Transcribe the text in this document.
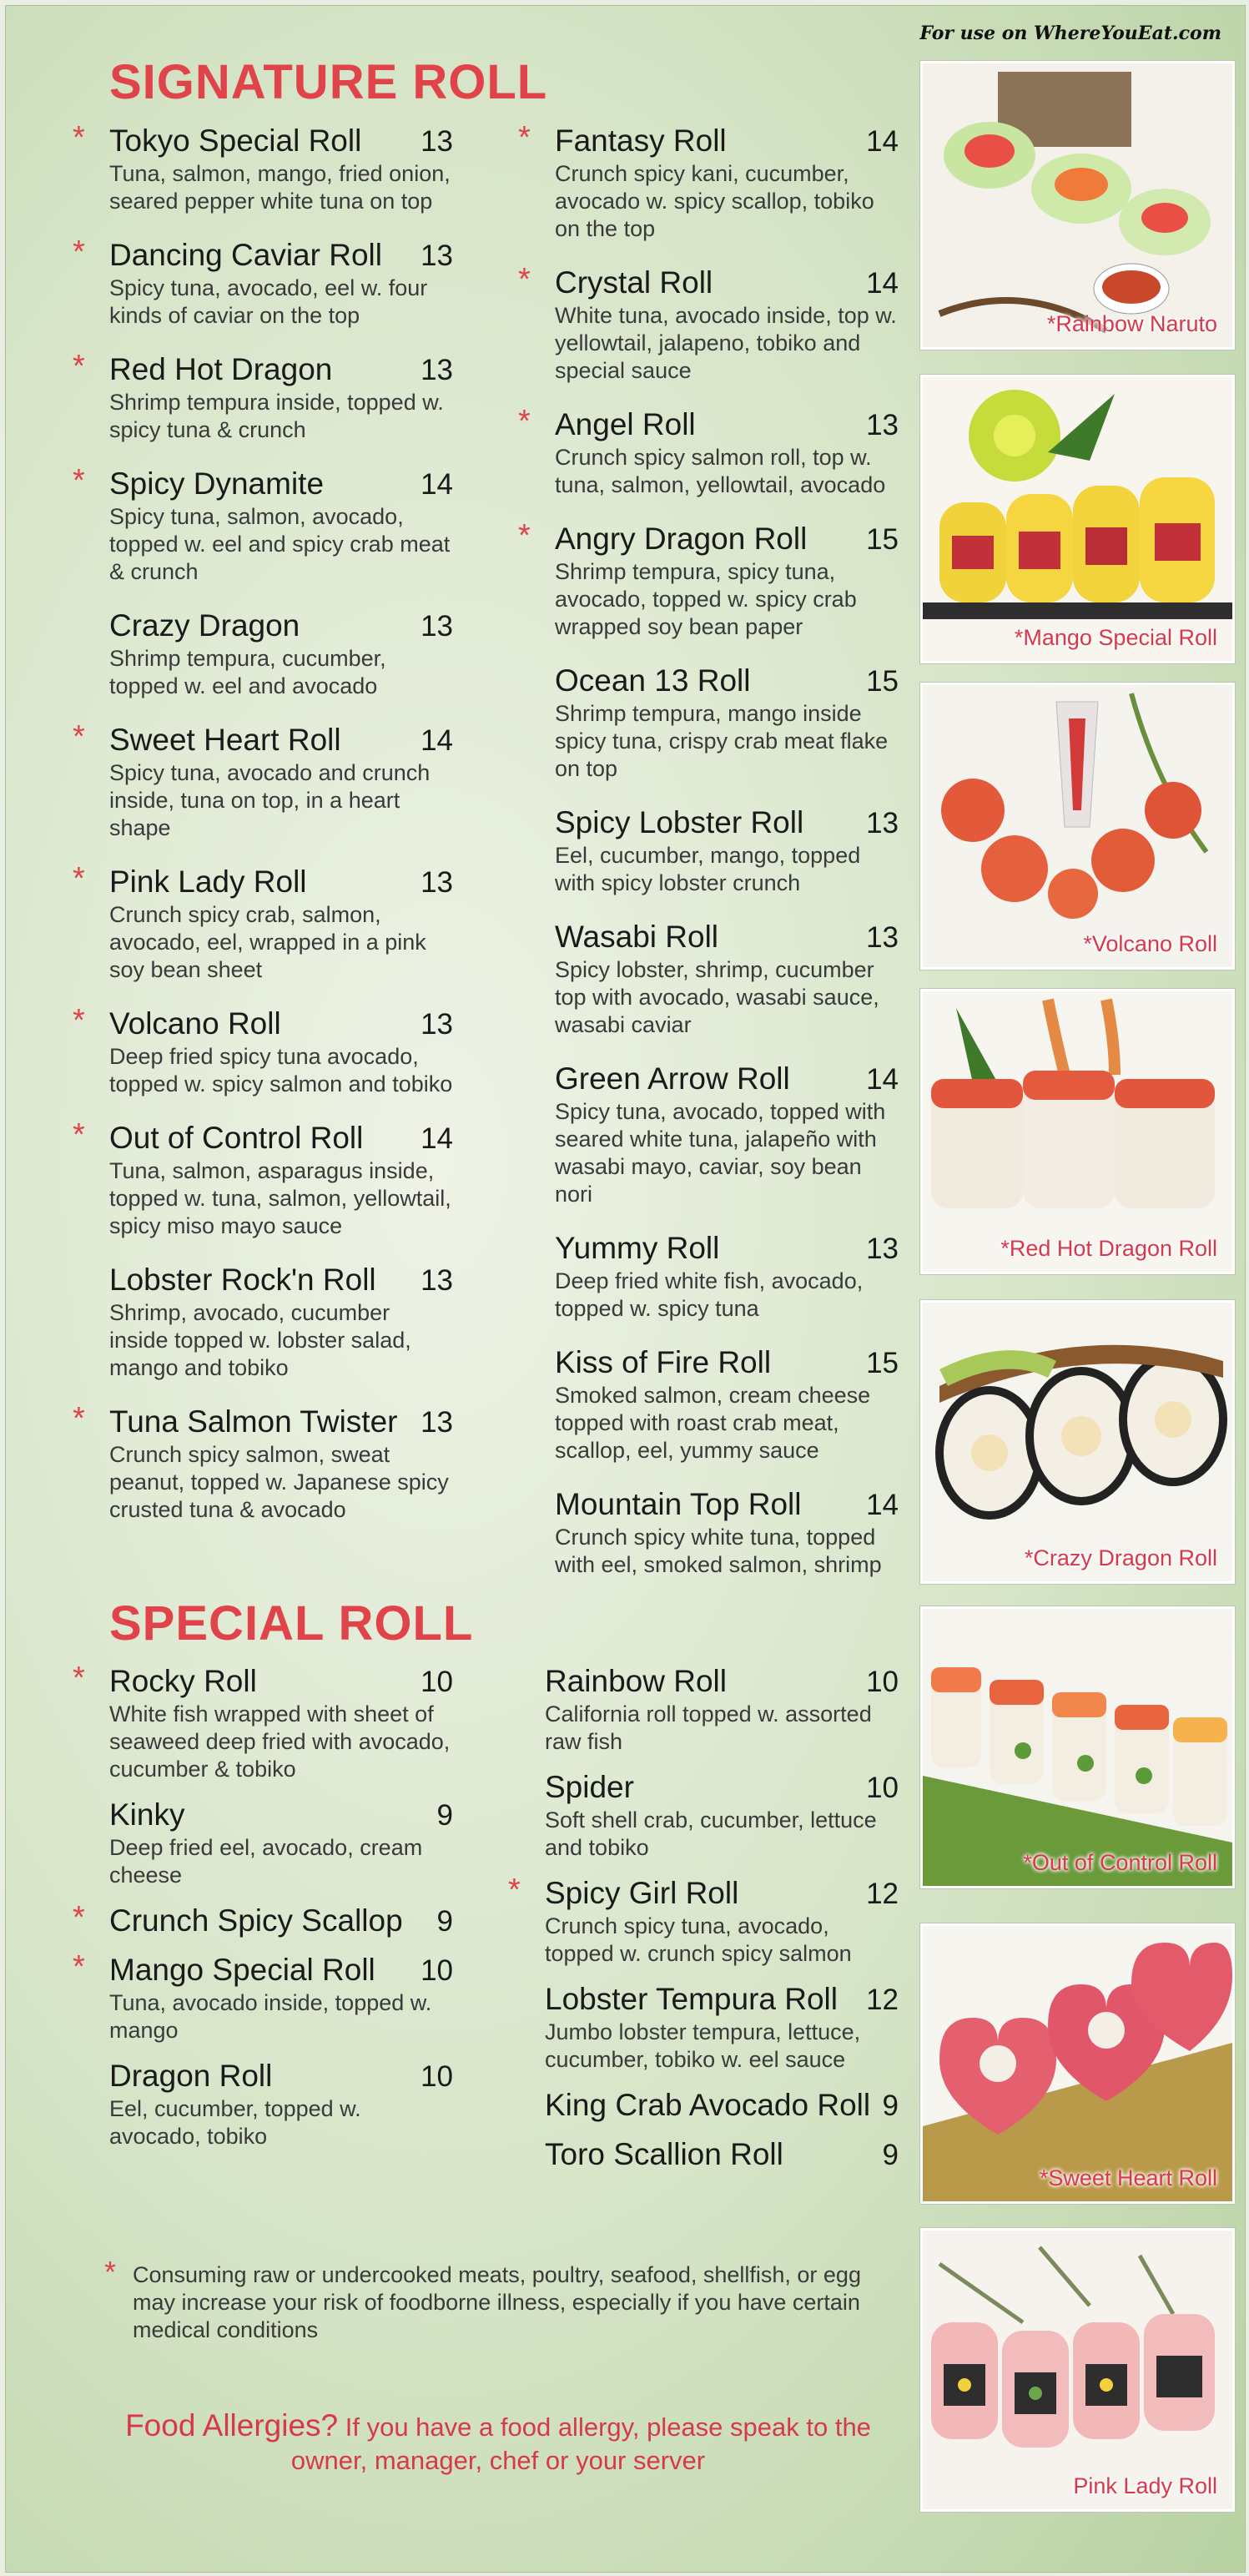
For use on WhereYouEat.com
SIGNATURE ROLL
* Tokyo Special Roll 13
Tuna, salmon, mango, fried onion, seared pepper white tuna on top
* Dancing Caviar Roll 13
Spicy tuna, avocado, eel w. four kinds of caviar on the top
* Red Hot Dragon	13
Shrimp tempura inside, topped w. spicy tuna & crunch
* Spicy Dynamite	14
Spicy tuna, salmon, avocado, topped w. eel and spicy crab meat & crunch
Crazy Dragon	13
Shrimp tempura, cucumber, topped w. eel and avocado
* Sweet Heart Roll	14
Spicy tuna, avocado and crunch inside, tuna on top, in a heart shape
* Pink Lady Roll	13
Crunch spicy crab, salmon, avocado, eel, wrapped in a pink soy bean sheet
* Volcano Roll	13
Deep fried spicy tuna avocado, topped w. spicy salmon and tobiko
* Out of Control Roll 14
Tuna, salmon, asparagus inside, topped w. tuna, salmon, yellowtail, spicy miso mayo sauce
Lobster Rock'n Roll 13
Shrimp, avocado, cucumber inside topped w. lobster salad, mango and tobiko
* Tuna Salmon Twister 13
Crunch spicy salmon, sweat peanut, topped w. Japanese spicy crusted tuna & avocado
* Fantasy Roll	14
Crunch spicy kani, cucumber, avocado w. spicy scallop, tobiko on the top
* Crystal Roll	14
White tuna, avocado inside, top w. yellowtail, jalapeno, tobiko and special sauce
* Angel Roll	13
Crunch spicy salmon roll, top w. tuna, salmon, yellowtail, avocado
* Angry Dragon Roll 15
Shrimp tempura, spicy tuna, avocado, topped w. spicy crab wrapped soy bean paper
Ocean 13 Roll	15
Shrimp tempura, mango inside spicy tuna, crispy crab meat flake on top
Spicy Lobster Roll 13
Eel, cucumber, mango, topped with spicy lobster crunch
Wasabi Roll	13
Spicy lobster, shrimp, cucumber top with avocado, wasabi sauce, wasabi caviar
Green Arrow Roll	14
Spicy tuna, avocado, topped with seared white tuna, jalapeño with wasabi mayo, caviar, soy bean nori
Yummy Roll	13
Deep fried white fish, avocado, topped w. spicy tuna
Kiss of Fire Roll	15
Smoked salmon, cream cheese topped with roast crab meat, scallop, eel, yummy sauce
Mountain Top Roll 14
Crunch spicy white tuna, topped with eel, smoked salmon, shrimp
SPECIAL ROLL
* Rocky Roll	10
White fish wrapped with sheet of seaweed deep fried with avocado, cucumber & tobiko
Kinky	9
Deep fried eel, avocado, cream cheese
* Crunch Spicy Scallop 9
* Mango Special Roll 10
Tuna, avocado inside, topped w. mango
Dragon Roll	10
Eel, cucumber, topped w. avocado, tobiko
Rainbow Roll	10
California roll topped w. assorted raw fish
Spider	10
Soft shell crab, cucumber, lettuce and tobiko
* Spicy Girl Roll	12
Crunch spicy tuna, avocado, topped w. crunch spicy salmon
Lobster Tempura Roll 12
Jumbo lobster tempura, lettuce, cucumber, tobiko w. eel sauce
King Crab Avocado Roll 9
Toro Scallion Roll	9
*Rainbow Naruto
*Mango Special Roll
*Volcano Roll
*Red Hot Dragon Roll
*Crazy Dragon Roll
*Out of Control Roll
*Sweet Heart Roll
Pink Lady Roll
* Consuming raw or undercooked meats, poultry, seafood, shellfish, or egg may increase your risk of foodborne illness, especially if you have certain medical conditions
Food Allergies? If you have a food allergy, please speak to the owner, manager, chef or your server
